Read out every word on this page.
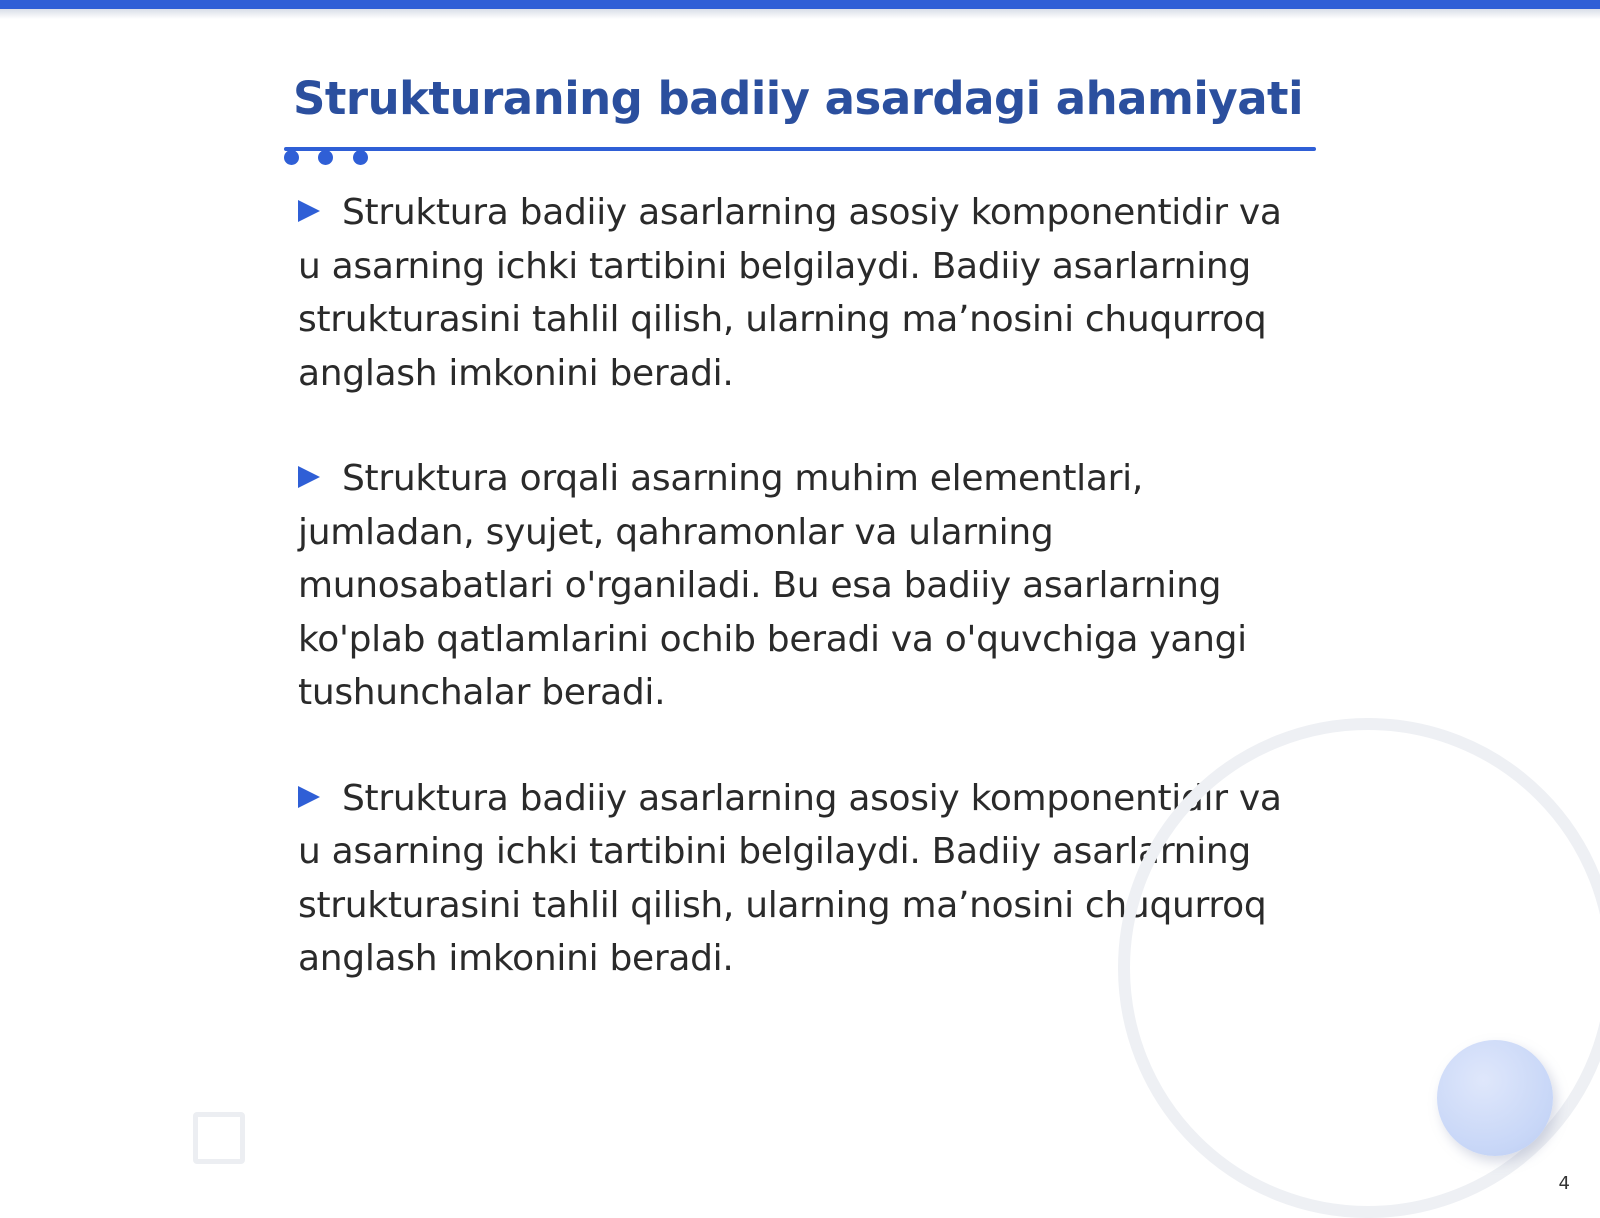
Strukturaning badiiy asardagi ahamiyati

Struktura badiiy asarlarning asosiy komponentidir va u asarning ichki tartibini belgilaydi. Badiiy asarlarning strukturasini tahlil qilish, ularning ma’nosini chuqurroq anglash imkonini beradi.

Struktura orqali asarning muhim elementlari, jumladan, syujet, qahramonlar va ularning munosabatlari o'rganiladi. Bu esa badiiy asarlarning ko'plab qatlamlarini ochib beradi va o'quvchiga yangi tushunchalar beradi.

Struktura badiiy asarlarning asosiy komponentidir va u asarning ichki tartibini belgilaydi. Badiiy asarlarning strukturasini tahlil qilish, ularning ma’nosini chuqurroq anglash imkonini beradi.

4
